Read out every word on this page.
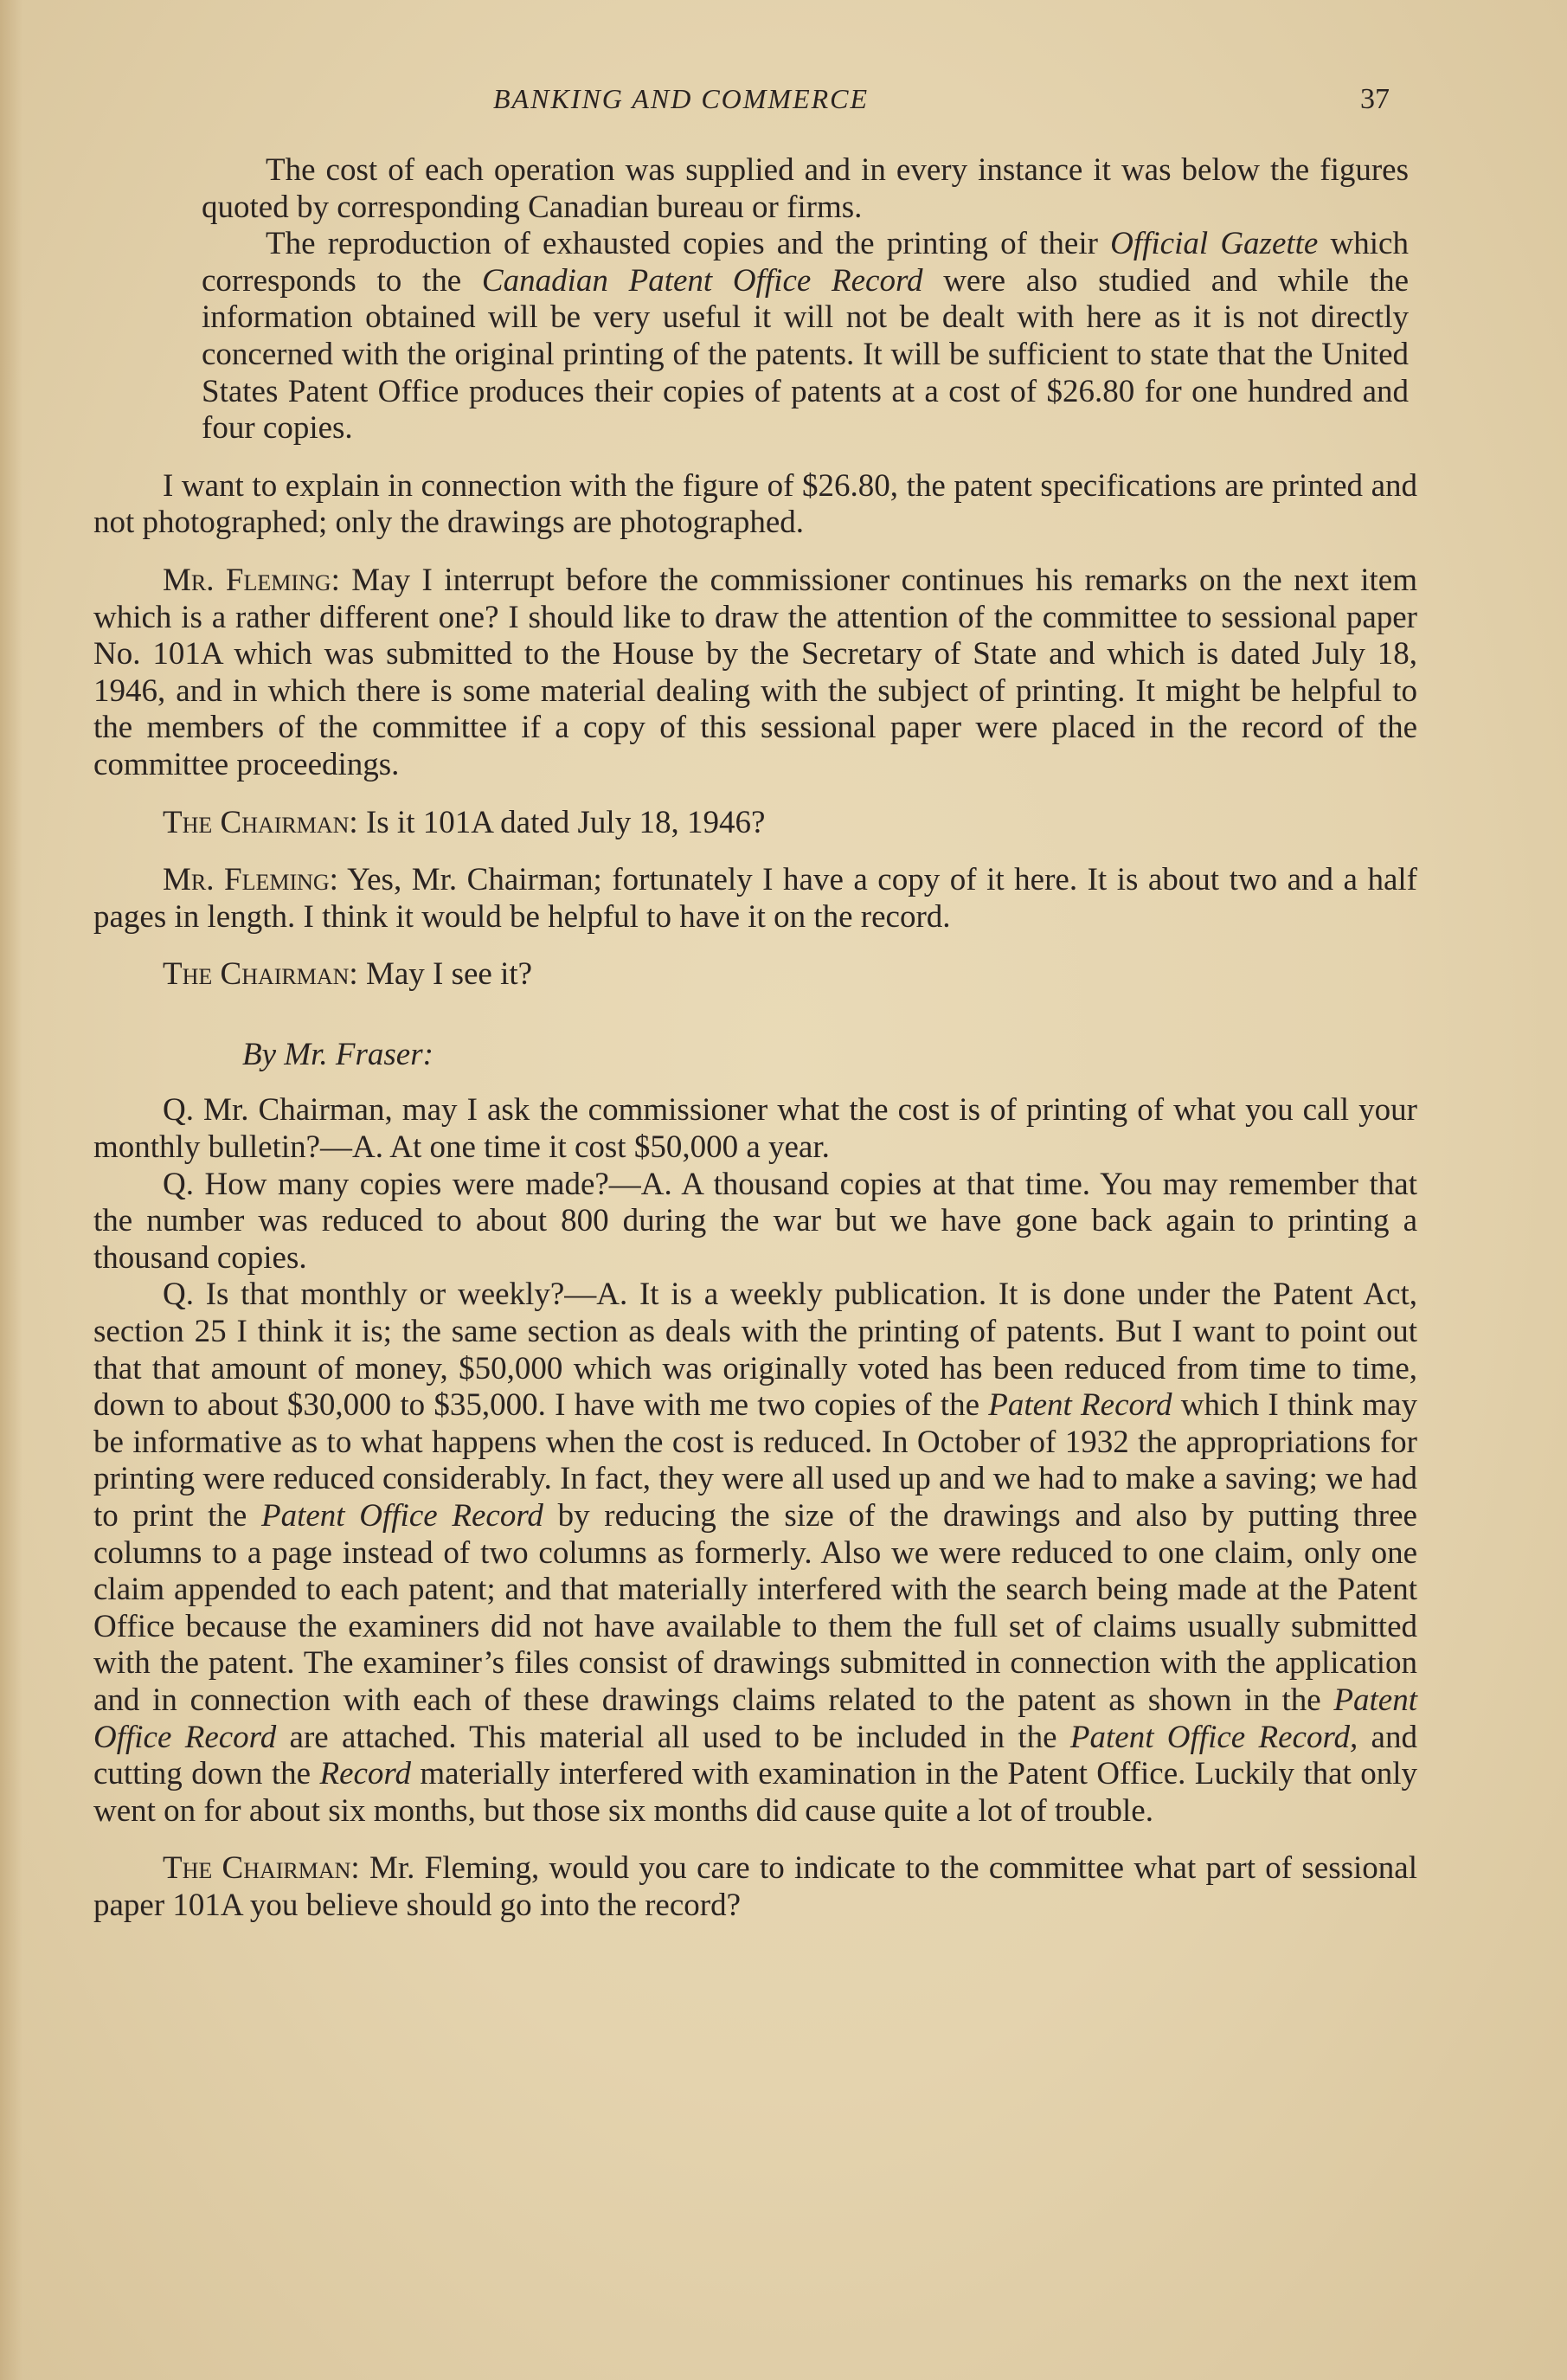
BANKING AND COMMERCE	37

The cost of each operation was supplied and in every instance it was below the figures quoted by corresponding Canadian bureau or firms.

The reproduction of exhausted copies and the printing of their Official Gazette which corresponds to the Canadian Patent Office Record were also studied and while the information obtained will be very useful it will not be dealt with here as it is not directly concerned with the original printing of the patents. It will be sufficient to state that the United States Patent Office produces their copies of patents at a cost of $26.80 for one hundred and four copies.

I want to explain in connection with the figure of $26.80, the patent specifications are printed and not photographed; only the drawings are photographed.

Mr. Fleming: May I interrupt before the commissioner continues his remarks on the next item which is a rather different one? I should like to draw the attention of the committee to sessional paper No. 101A which was submitted to the House by the Secretary of State and which is dated July 18, 1946, and in which there is some material dealing with the subject of printing. It might be helpful to the members of the committee if a copy of this sessional paper were placed in the record of the committee proceedings.

The Chairman: Is it 101A dated July 18, 1946?

Mr. Fleming: Yes, Mr. Chairman; fortunately I have a copy of it here. It is about two and a half pages in length. I think it would be helpful to have it on the record.

The Chairman: May I see it?

By Mr. Fraser:

Q. Mr. Chairman, may I ask the commissioner what the cost is of printing of what you call your monthly bulletin?—A. At one time it cost $50,000 a year.

Q. How many copies were made?—A. A thousand copies at that time. You may remember that the number was reduced to about 800 during the war but we have gone back again to printing a thousand copies.

Q. Is that monthly or weekly?—A. It is a weekly publication. It is done under the Patent Act, section 25 I think it is; the same section as deals with the printing of patents. But I want to point out that that amount of money, $50,000 which was originally voted has been reduced from time to time, down to about $30,000 to $35,000. I have with me two copies of the Patent Record which I think may be informative as to what happens when the cost is reduced. In October of 1932 the appropriations for printing were reduced considerably. In fact, they were all used up and we had to make a saving; we had to print the Patent Office Record by reducing the size of the drawings and also by putting three columns to a page instead of two columns as formerly. Also we were reduced to one claim, only one claim appended to each patent; and that materially interfered with the search being made at the Patent Office because the examiners did not have available to them the full set of claims usually submitted with the patent. The examiner’s files consist of drawings submitted in connection with the application and in connection with each of these drawings claims related to the patent as shown in the Patent Office Record are attached. This material all used to be included in the Patent Office Record, and cutting down the Record materially interfered with examination in the Patent Office. Luckily that only went on for about six months, but those six months did cause quite a lot of trouble.

The Chairman: Mr. Fleming, would you care to indicate to the committee what part of sessional paper 101A you believe should go into the record?
